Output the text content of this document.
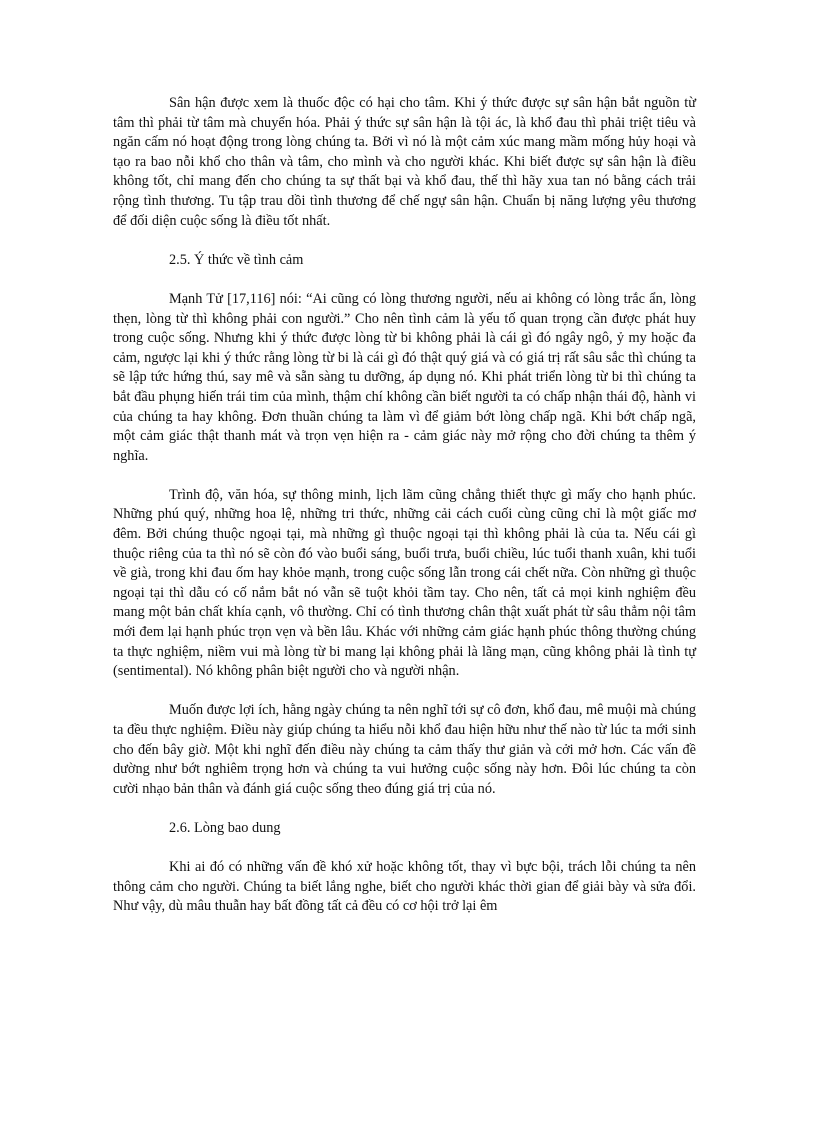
Sân hận được xem là thuốc độc có hại cho tâm. Khi ý thức được sự sân hận bắt nguồn từ tâm thì phải từ tâm mà chuyển hóa. Phải ý thức sự sân hận là tội ác, là khổ đau thì phải triệt tiêu và ngăn cấm nó hoạt động trong lòng chúng ta. Bởi vì nó là một cảm xúc mang mầm mống hủy hoại và tạo ra bao nỗi khổ cho thân và tâm, cho mình và cho người khác. Khi biết được sự sân hận là điều không tốt, chỉ mang đến cho chúng ta sự thất bại và khổ đau, thế thì hãy xua tan nó bằng cách trải rộng tình thương. Tu tập trau dồi tình thương để chế ngự sân hận. Chuẩn bị năng lượng yêu thương để đối diện cuộc sống là điều tốt nhất.

2.5. Ý thức về tình cảm

Mạnh Tử [17,116] nói: “Ai cũng có lòng thương người, nếu ai không có lòng trắc ẩn, lòng thẹn, lòng từ thì không phải con người.” Cho nên tình cảm là yếu tố quan trọng cần được phát huy trong cuộc sống. Nhưng khi ý thức được lòng từ bi không phải là cái gì đó ngây ngô, ỷ my hoặc đa cảm, ngược lại khi ý thức rằng lòng từ bi là cái gì đó thật quý giá và có giá trị rất sâu sắc thì chúng ta sẽ lập tức hứng thú, say mê và sẵn sàng tu dưỡng, áp dụng nó. Khi phát triển lòng từ bi thì chúng ta bắt đầu phụng hiến trái tim của mình, thậm chí không cần biết người ta có chấp nhận thái độ, hành vi của chúng ta hay không. Đơn thuần chúng ta làm vì để giảm bớt lòng chấp ngã. Khi bớt chấp ngã, một cảm giác thật thanh mát và trọn vẹn hiện ra - cảm giác này mở rộng cho đời chúng ta thêm ý nghĩa.

Trình độ, văn hóa, sự thông minh, lịch lãm cũng chẳng thiết thực gì mấy cho hạnh phúc. Những phú quý, những hoa lệ, những tri thức, những cải cách cuối cùng cũng chỉ là một giấc mơ đêm. Bởi chúng thuộc ngoại tại, mà những gì thuộc ngoại tại thì không phải là của ta. Nếu cái gì thuộc riêng của ta thì nó sẽ còn đó vào buổi sáng, buổi trưa, buổi chiều, lúc tuổi thanh xuân, khi tuổi về già, trong khi đau ốm hay khỏe mạnh, trong cuộc sống lẫn trong cái chết nữa. Còn những gì thuộc ngoại tại thì dẫu có cố nắm bắt nó vẫn sẽ tuột khỏi tầm tay. Cho nên, tất cả mọi kinh nghiệm đều mang một bản chất khía cạnh, vô thường. Chỉ có tình thương chân thật xuất phát từ sâu thẳm nội tâm mới đem lại hạnh phúc trọn vẹn và bền lâu. Khác với những cảm giác hạnh phúc thông thường chúng ta thực nghiệm, niềm vui mà lòng từ bi mang lại không phải là lãng mạn, cũng không phải là tình tự (sentimental). Nó không phân biệt người cho và người nhận.

Muốn được lợi ích, hằng ngày chúng ta nên nghĩ tới sự cô đơn, khổ đau, mê muội mà chúng ta đều thực nghiệm. Điều này giúp chúng ta hiểu nỗi khổ đau hiện hữu như thế nào từ lúc ta mới sinh cho đến bây giờ. Một khi nghĩ đến điều này chúng ta cảm thấy thư giản và cởi mở hơn. Các vấn đề dường như bớt nghiêm trọng hơn và chúng ta vui hưởng cuộc sống này hơn. Đôi lúc chúng ta còn cười nhạo bản thân và đánh giá cuộc sống theo đúng giá trị của nó.

2.6. Lòng bao dung

Khi ai đó có những vấn đề khó xử hoặc không tốt, thay vì bực bội, trách lỗi chúng ta nên thông cảm cho người. Chúng ta biết lắng nghe, biết cho người khác thời gian để giải bày và sửa đổi. Như vậy, dù mâu thuẫn hay bất đồng tất cả đều có cơ hội trở lại êm
